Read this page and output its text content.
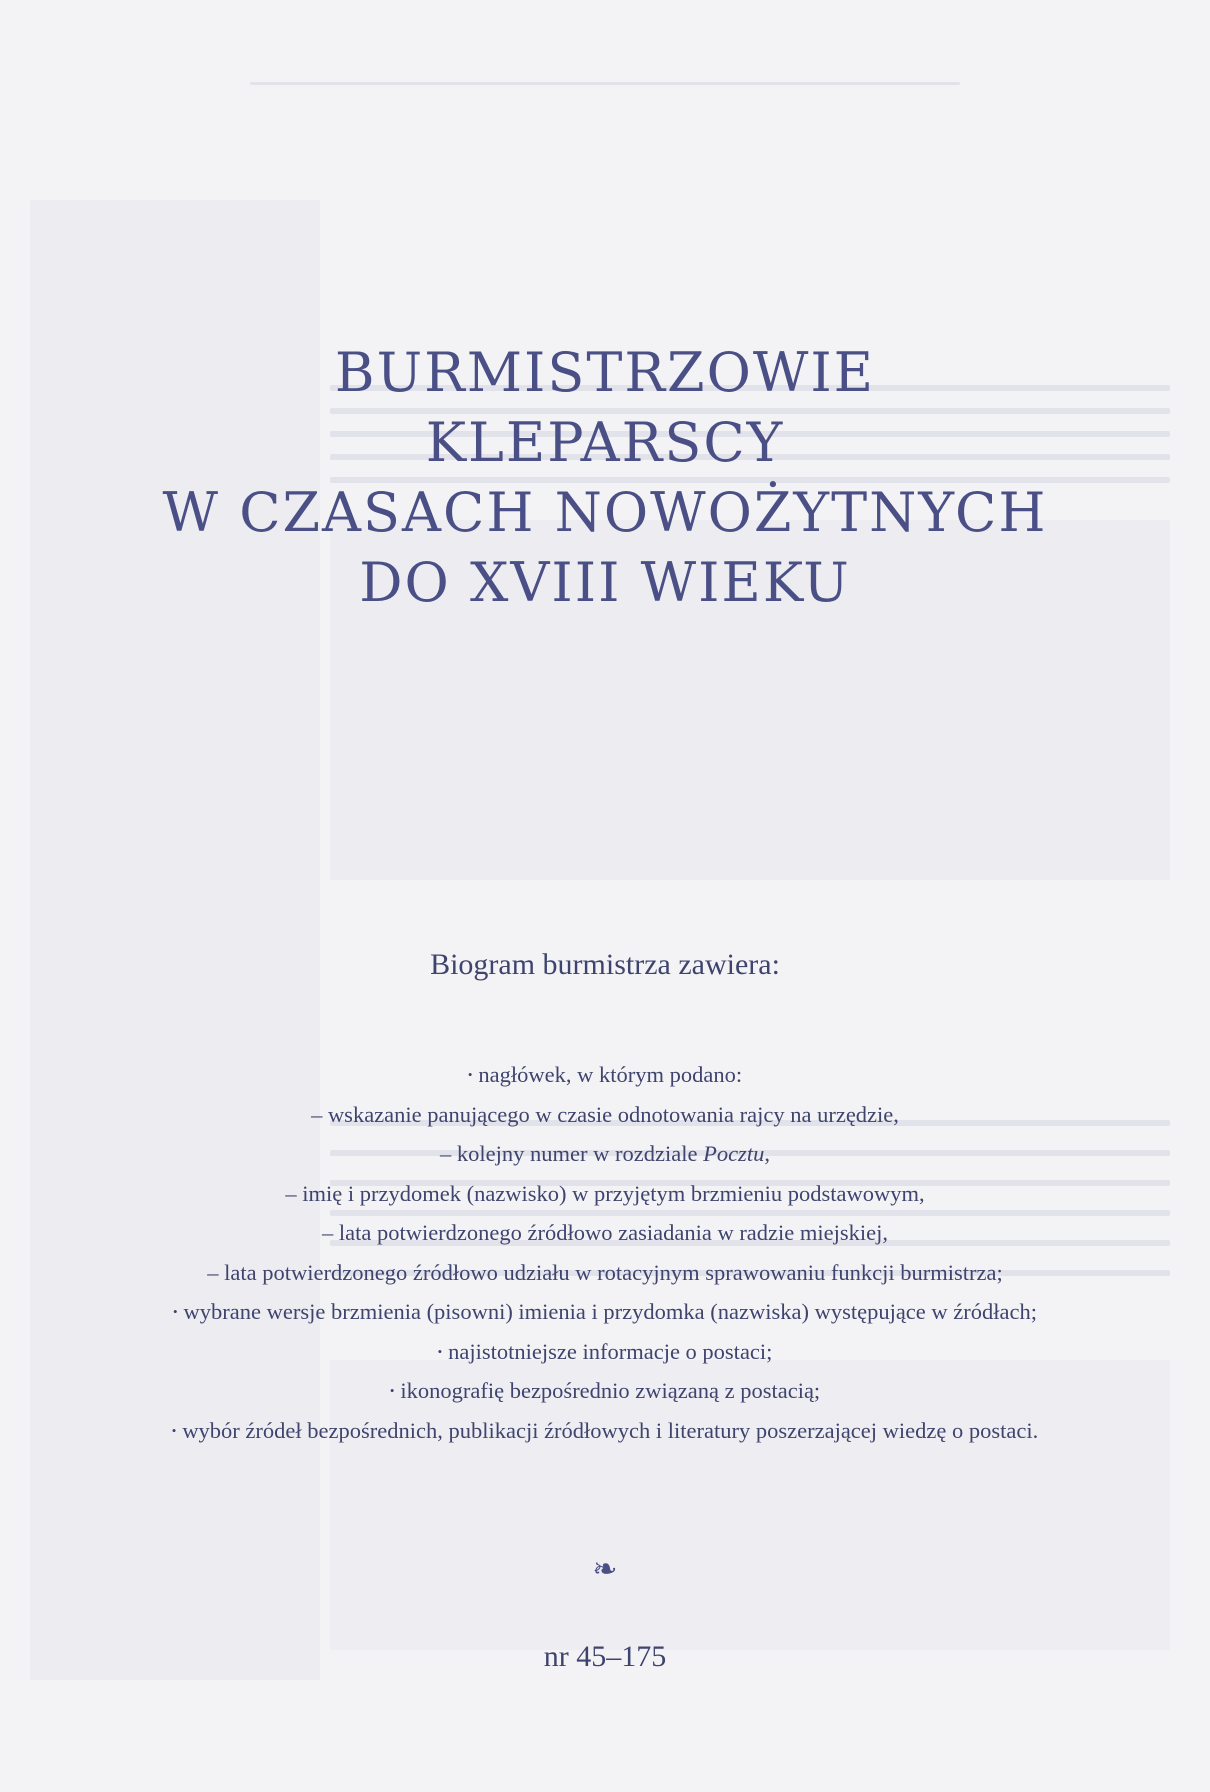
BURMISTRZOWIE
KLEPARSCY
W CZASACH NOWOŻYTNYCH
DO XVIII WIEKU
Biogram burmistrza zawiera:
• nagłówek, w którym podano:
– wskazanie panującego w czasie odnotowania rajcy na urzędzie,
– kolejny numer w rozdziale Pocztu,
– imię i przydomek (nazwisko) w przyjętym brzmieniu podstawowym,
– lata potwierdzonego źródłowo zasiadania w radzie miejskiej,
– lata potwierdzonego źródłowo udziału w rotacyjnym sprawowaniu funkcji burmistrza;
• wybrane wersje brzmienia (pisowni) imienia i przydomka (nazwiska) występujące w źródłach;
• najistotniejsze informacje o postaci;
• ikonografię bezpośrednio związaną z postacią;
• wybór źródeł bezpośrednich, publikacji źródłowych i literatury poszerzającej wiedzę o postaci.
❧
nr 45–175
